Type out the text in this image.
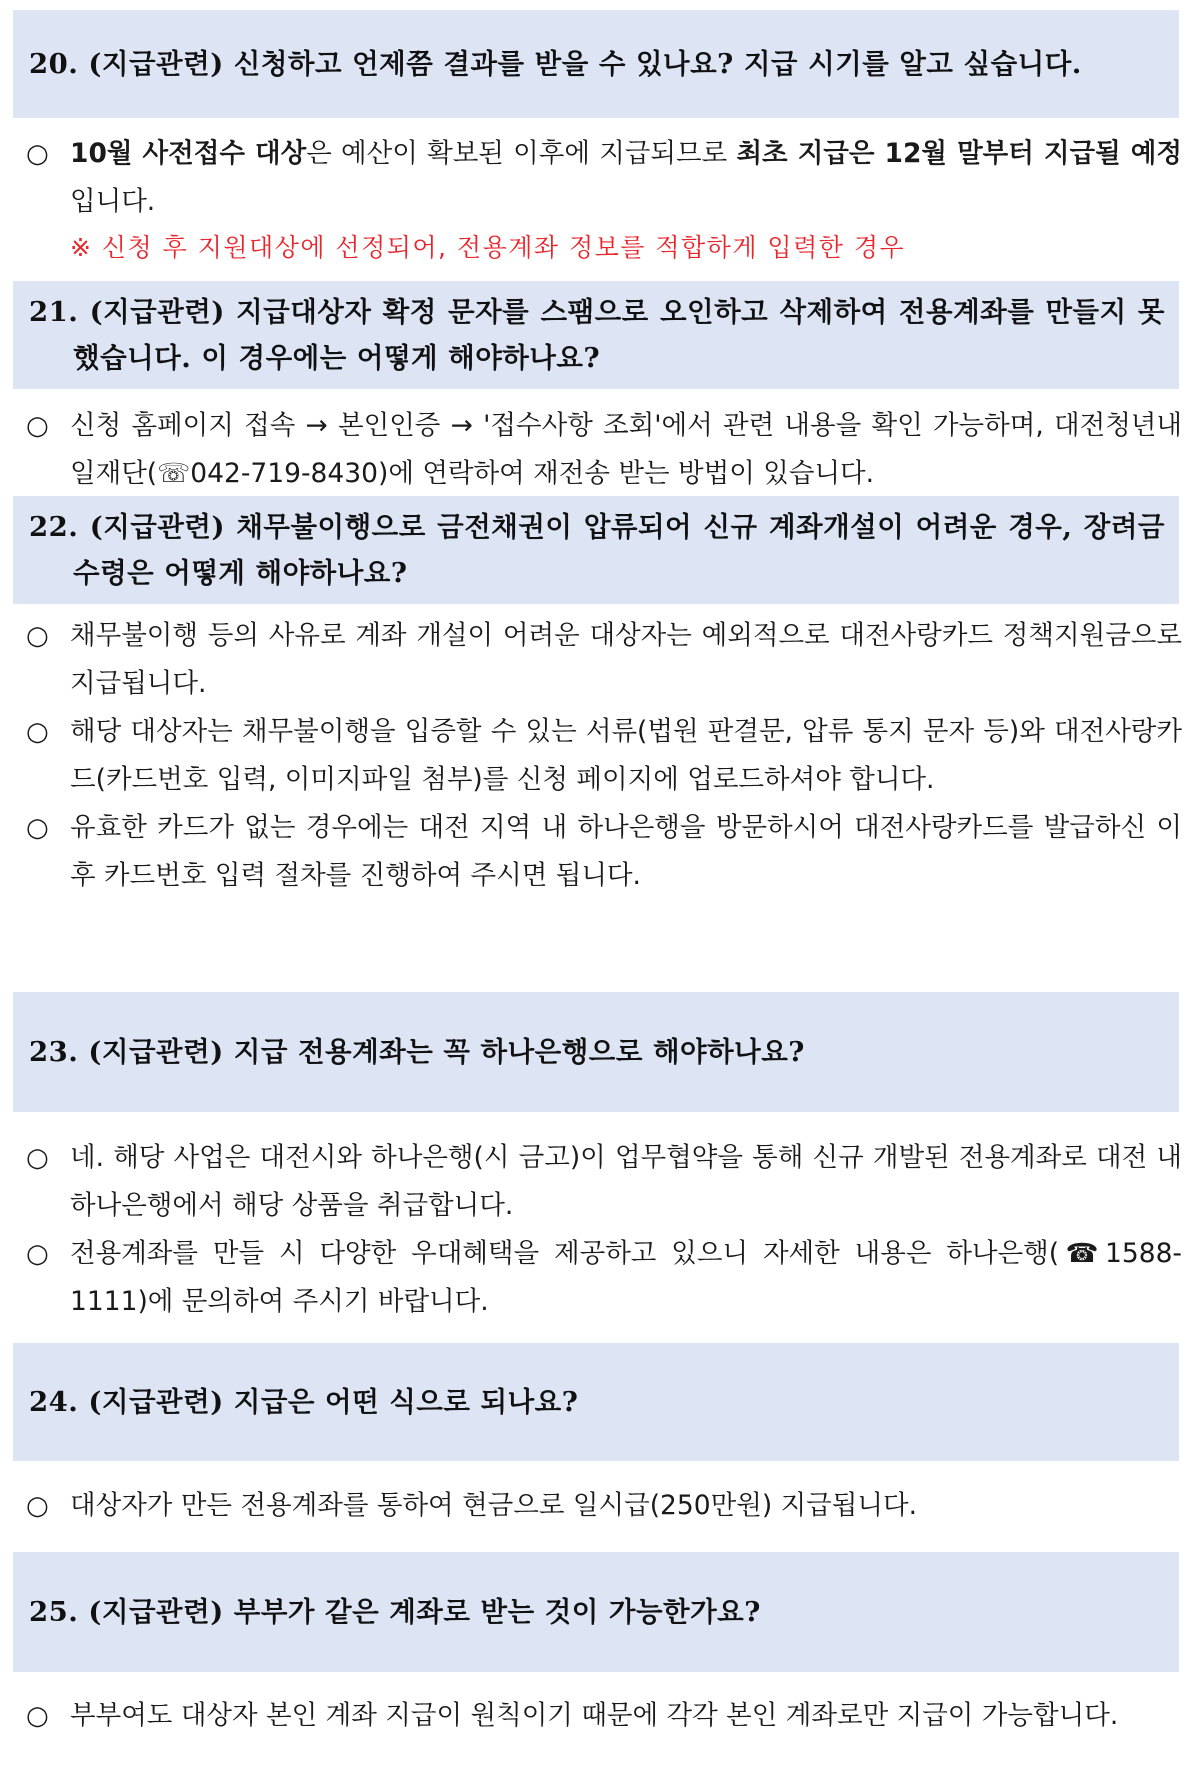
20. (지급관련) 신청하고 언제쯤 결과를 받을 수 있나요? 지급 시기를 알고 싶습니다.
○ 10월 사전접수 대상은 예산이 확보된 이후에 지급되므로 최초 지급은 12월 말부터 지급될 예정입니다.
※ 신청 후 지원대상에 선정되어, 전용계좌 정보를 적합하게 입력한 경우
21. (지급관련) 지급대상자 확정 문자를 스팸으로 오인하고 삭제하여 전용계좌를 만들지 못했습니다. 이 경우에는 어떻게 해야하나요?
○ 신청 홈페이지 접속 → 본인인증 → '접수사항 조회'에서 관련 내용을 확인 가능하며, 대전청년내일재단(☏042-719-8430)에 연락하여 재전송 받는 방법이 있습니다.
22. (지급관련) 채무불이행으로 금전채권이 압류되어 신규 계좌개설이 어려운 경우, 장려금 수령은 어떻게 해야하나요?
○ 채무불이행 등의 사유로 계좌 개설이 어려운 대상자는 예외적으로 대전사랑카드 정책지원금으로 지급됩니다.
○ 해당 대상자는 채무불이행을 입증할 수 있는 서류(법원 판결문, 압류 통지 문자 등)와 대전사랑카드(카드번호 입력, 이미지파일 첨부)를 신청 페이지에 업로드하셔야 합니다.
○ 유효한 카드가 없는 경우에는 대전 지역 내 하나은행을 방문하시어 대전사랑카드를 발급하신 이후 카드번호 입력 절차를 진행하여 주시면 됩니다.
23. (지급관련) 지급 전용계좌는 꼭 하나은행으로 해야하나요?
○ 네. 해당 사업은 대전시와 하나은행(시 금고)이 업무협약을 통해 신규 개발된 전용계좌로 대전 내 하나은행에서 해당 상품을 취급합니다.
○ 전용계좌를 만들 시 다양한 우대혜택을 제공하고 있으니 자세한 내용은 하나은행(☎1588-1111)에 문의하여 주시기 바랍니다.
24. (지급관련) 지급은 어떤 식으로 되나요?
○ 대상자가 만든 전용계좌를 통하여 현금으로 일시급(250만원) 지급됩니다.
25. (지급관련) 부부가 같은 계좌로 받는 것이 가능한가요?
○ 부부여도 대상자 본인 계좌 지급이 원칙이기 때문에 각각 본인 계좌로만 지급이 가능합니다.
